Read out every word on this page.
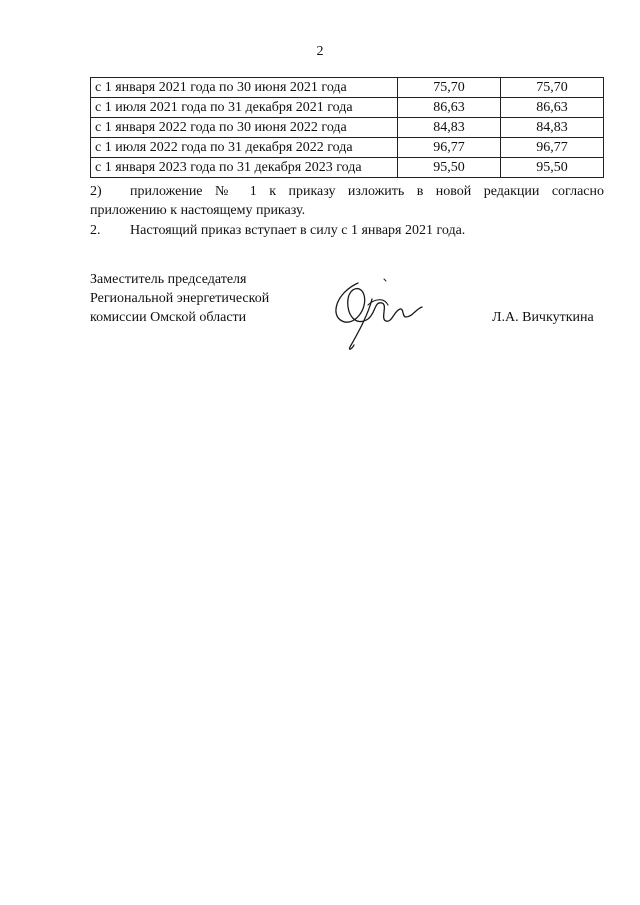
2
с 1 января 2021 года по 30 июня 2021 года	75,70	75,70
с 1 июля 2021 года по 31 декабря 2021 года	86,63	86,63
с 1 января 2022 года по 30 июня 2022 года	84,83	84,83
с 1 июля 2022 года по 31 декабря 2022 года	96,77	96,77
с 1 января 2023 года по 31 декабря 2023 года	95,50	95,50
2) приложение № 1 к приказу изложить в новой редакции согласно
приложению к настоящему приказу.
2. Настоящий приказ вступает в силу с 1 января 2021 года.
Заместитель председателя
Региональной энергетической
комиссии Омской области	Л.А. Вичкуткина
